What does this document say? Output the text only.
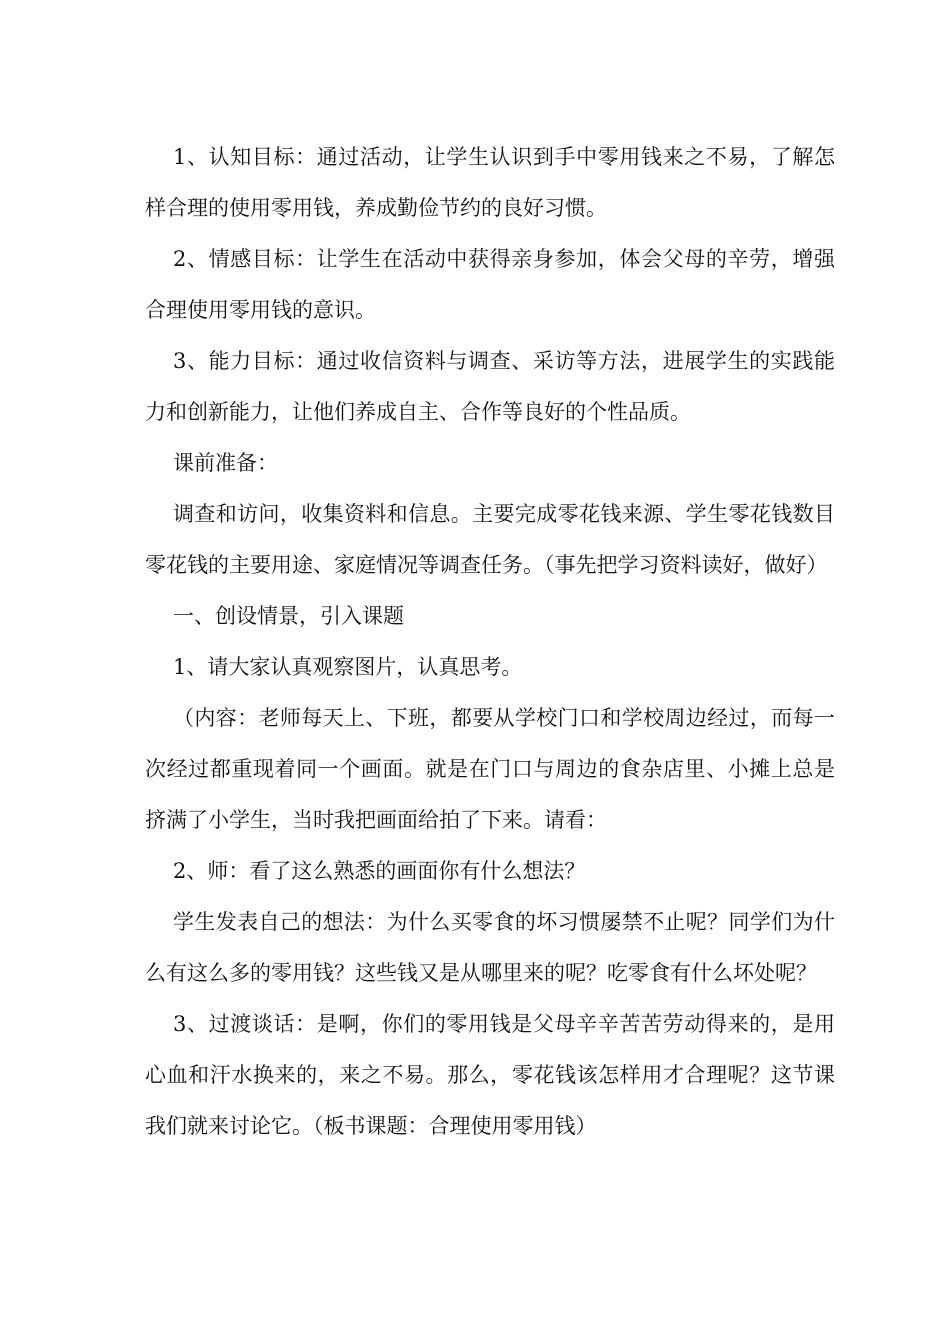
1、认知目标：通过活动，让学生认识到手中零用钱来之不易，了解怎样合理的使用零用钱，养成勤俭节约的良好习惯。

2、情感目标：让学生在活动中获得亲身参加，体会父母的辛劳，增强合理使用零用钱的意识。

3、能力目标：通过收信资料与调查、采访等方法，进展学生的实践能力和创新能力，让他们养成自主、合作等良好的个性品质。

课前准备：

调查和访问，收集资料和信息。主要完成零花钱来源、学生零花钱数目零花钱的主要用途、家庭情况等调查任务。（事先把学习资料读好，做好）

一、创设情景，引入课题

1、请大家认真观察图片，认真思考。

（内容：老师每天上、下班，都要从学校门口和学校周边经过，而每一次经过都重现着同一个画面。就是在门口与周边的食杂店里、小摊上总是挤满了小学生，当时我把画面给拍了下来。请看：

2、师：看了这么熟悉的画面你有什么想法？

学生发表自己的想法：为什么买零食的坏习惯屡禁不止呢？同学们为什么有这么多的零用钱？这些钱又是从哪里来的呢？吃零食有什么坏处呢？

3、过渡谈话：是啊，你们的零用钱是父母辛辛苦苦劳动得来的，是用心血和汗水换来的，来之不易。那么，零花钱该怎样用才合理呢？这节课我们就来讨论它。（板书课题：合理使用零用钱）
